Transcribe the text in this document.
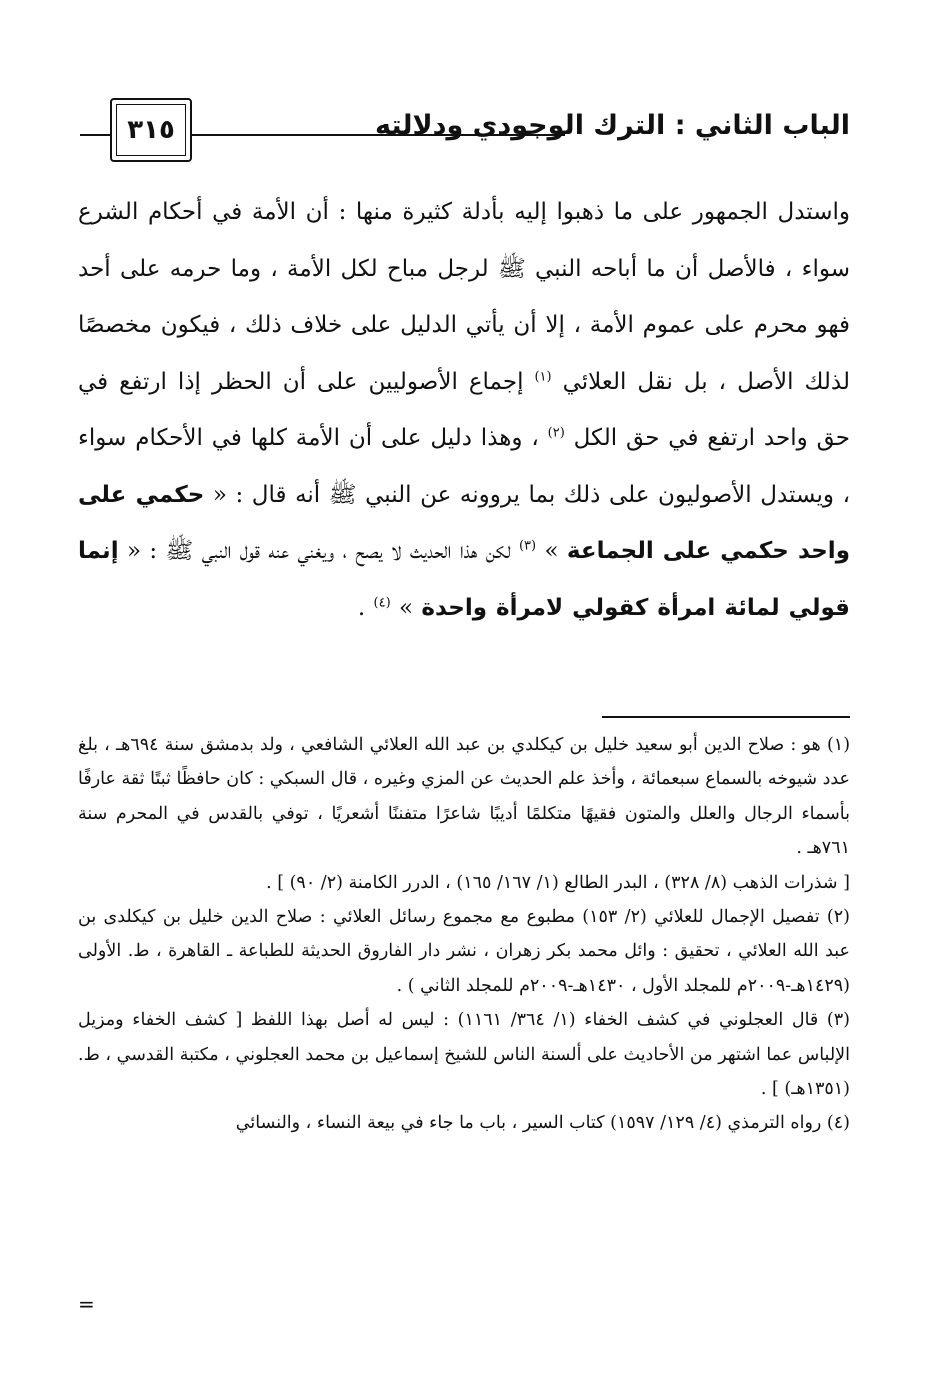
الباب الثاني : الترك الوجودي ودلالته
٣١٥

واستدل الجمهور على ما ذهبوا إليه بأدلة كثيرة منها : أن الأمة في أحكام الشرع سواء ، فالأصل أن ما أباحه النبي ﷺ لرجل مباح لكل الأمة ، وما حرمه على أحد فهو محرم على عموم الأمة ، إلا أن يأتي الدليل على خلاف ذلك ، فيكون مخصصًا لذلك الأصل ، بل نقل العلائي $^{(١)}$ إجماع الأصوليين على أن الحظر إذا ارتفع في حق واحد ارتفع في حق الكل $^{(٢)}$ ، وهذا دليل على أن الأمة كلها في الأحكام سواء ، ويستدل الأصوليون على ذلك بما يروونه عن النبي ﷺ أنه قال : « حكمي على واحد حكمي على الجماعة » $^{(٣)}$ لكن هذا الحديث لا يصح ، ويغني عنه قول النبي ﷺ : « إنما قولي لمائة امرأة كقولي لامرأة واحدة » $^{(٤)}$ .

(١) هو : صلاح الدين أبو سعيد خليل بن كيكلدي بن عبد الله العلائي الشافعي ، ولد بدمشق سنة ٦٩٤هـ ، بلغ عدد شيوخه بالسماع سبعمائة ، وأخذ علم الحديث عن المزي وغيره ، قال السبكي : كان حافظًا ثبتًا ثقة عارفًا بأسماء الرجال والعلل والمتون فقيهًا متكلمًا أديبًا شاعرًا متفننًا أشعريًا ، توفي بالقدس في المحرم سنة ٧٦١هـ .

[ شذرات الذهب (٨/ ٣٢٨) ، البدر الطالع (١/ ١٦٧/ ١٦٥) ، الدرر الكامنة (٢/ ٩٠) ] .

(٢) تفصيل الإجمال للعلائي (٢/ ١٥٣) مطبوع مع مجموع رسائل العلائي : صلاح الدين خليل بن كيكلدى بن عبد الله العلائي ، تحقيق : وائل محمد بكر زهران ، نشر دار الفاروق الحديثة للطباعة ـ القاهرة ، ط. الأولى (١٤٢٩هـ-٢٠٠٩م للمجلد الأول ، ١٤٣٠هـ-٢٠٠٩م للمجلد الثاني ) .

(٣) قال العجلوني في كشف الخفاء (١/ ٣٦٤/ ١١٦١) : ليس له أصل بهذا اللفظ [ كشف الخفاء ومزيل الإلباس عما اشتهر من الأحاديث على ألسنة الناس للشيخ إسماعيل بن محمد العجلوني ، مكتبة القدسي ، ط. (١٣٥١هـ) ] .

(٤) رواه الترمذي (٤/ ١٢٩/ ١٥٩٧) كتاب السير ، باب ما جاء في بيعة النساء ، والنسائي

=
